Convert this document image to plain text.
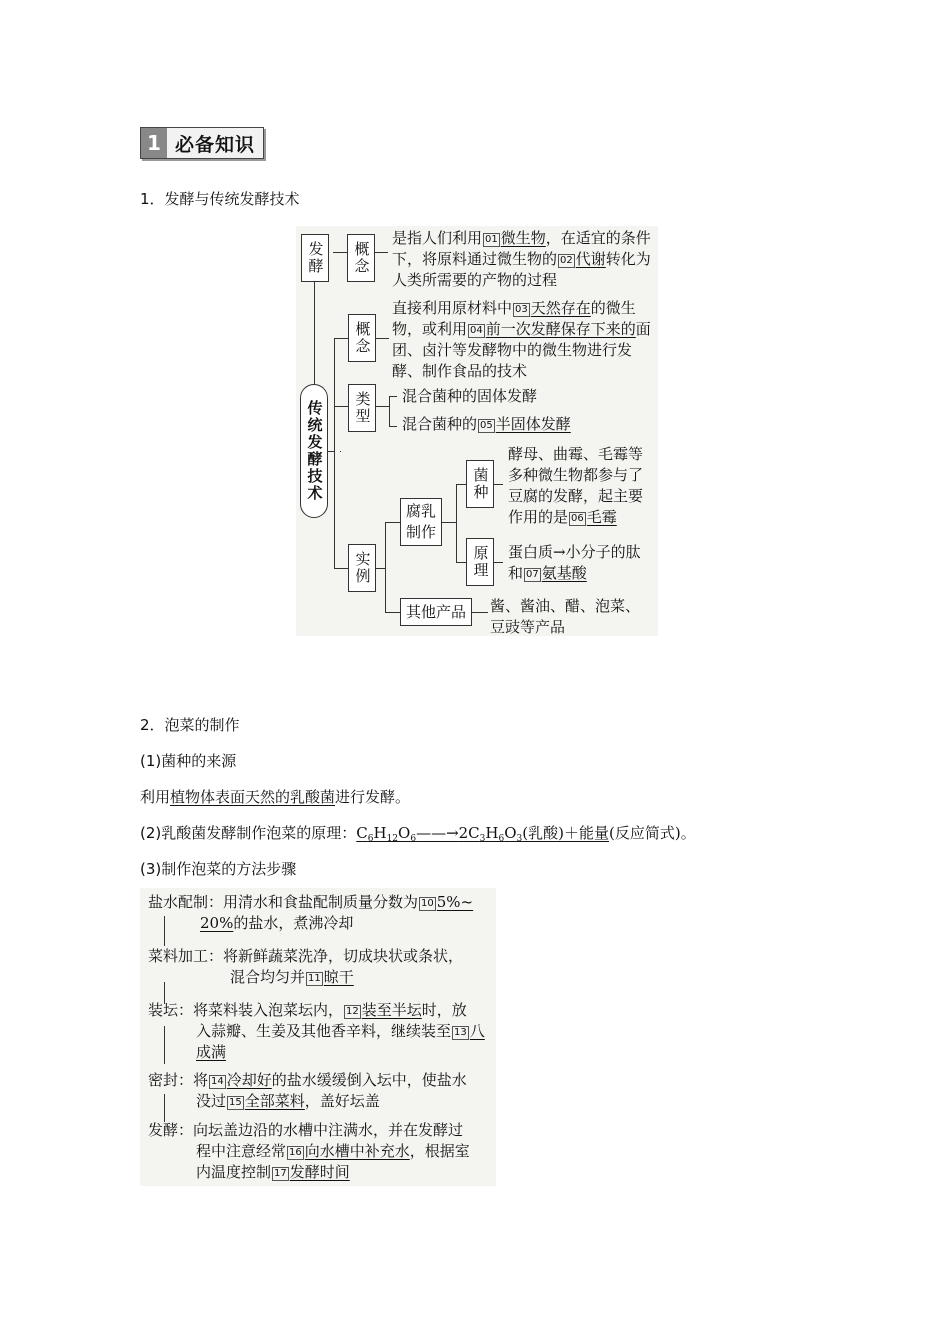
1 必备知识
1．发酵与传统发酵技术
发酵	概念
是指人们利用 01 微生物，在适宜的条件下，将原料通过微生物的 02 代谢转化为人类所需要的产物的过程
传统发酵技术
概念
直接利用原材料中 03 天然存在的微生物，或利用 04 前一次发酵保存下来的面团、卤汁等发酵物中的微生物进行发酵、制作食品的技术
类型	混合菌种的固体发酵
混合菌种的 05 半固体发酵
实例
腐乳制作
菌种
酵母、曲霉、毛霉等多种微生物都参与了豆腐的发酵，起主要作用的是 06 毛霉
原理	蛋白质→小分子的肽和 07 氨基酸
其他产品	酱、酱油、醋、泡菜、豆豉等产品
2．泡菜的制作
(1)菌种的来源
利用植物体表面天然的乳酸菌进行发酵。
(2)乳酸菌发酵制作泡菜的原理：$C_6H_{12}O_6——\to 2C_3H_6O_3$(乳酸)＋能量(反应简式)。
(3)制作泡菜的方法步骤
盐水配制：用清水和食盐配制质量分数为 10 5%~
20%的盐水，煮沸冷却
菜料加工：将新鲜蔬菜洗净，切成块状或条状，
混合均匀并 11 晾干
装坛：将菜料装入泡菜坛内， 12 装至半坛时，放
入蒜瓣、生姜及其他香辛料，继续装至 13 八
成满
密封：将 14 冷却好的盐水缓缓倒入坛中，使盐水
没过 15 全部菜料，盖好坛盖
发酵：向坛盖边沿的水槽中注满水，并在发酵过
程中注意经常 16 向水槽中补充水，根据室
内温度控制 17 发酵时间
